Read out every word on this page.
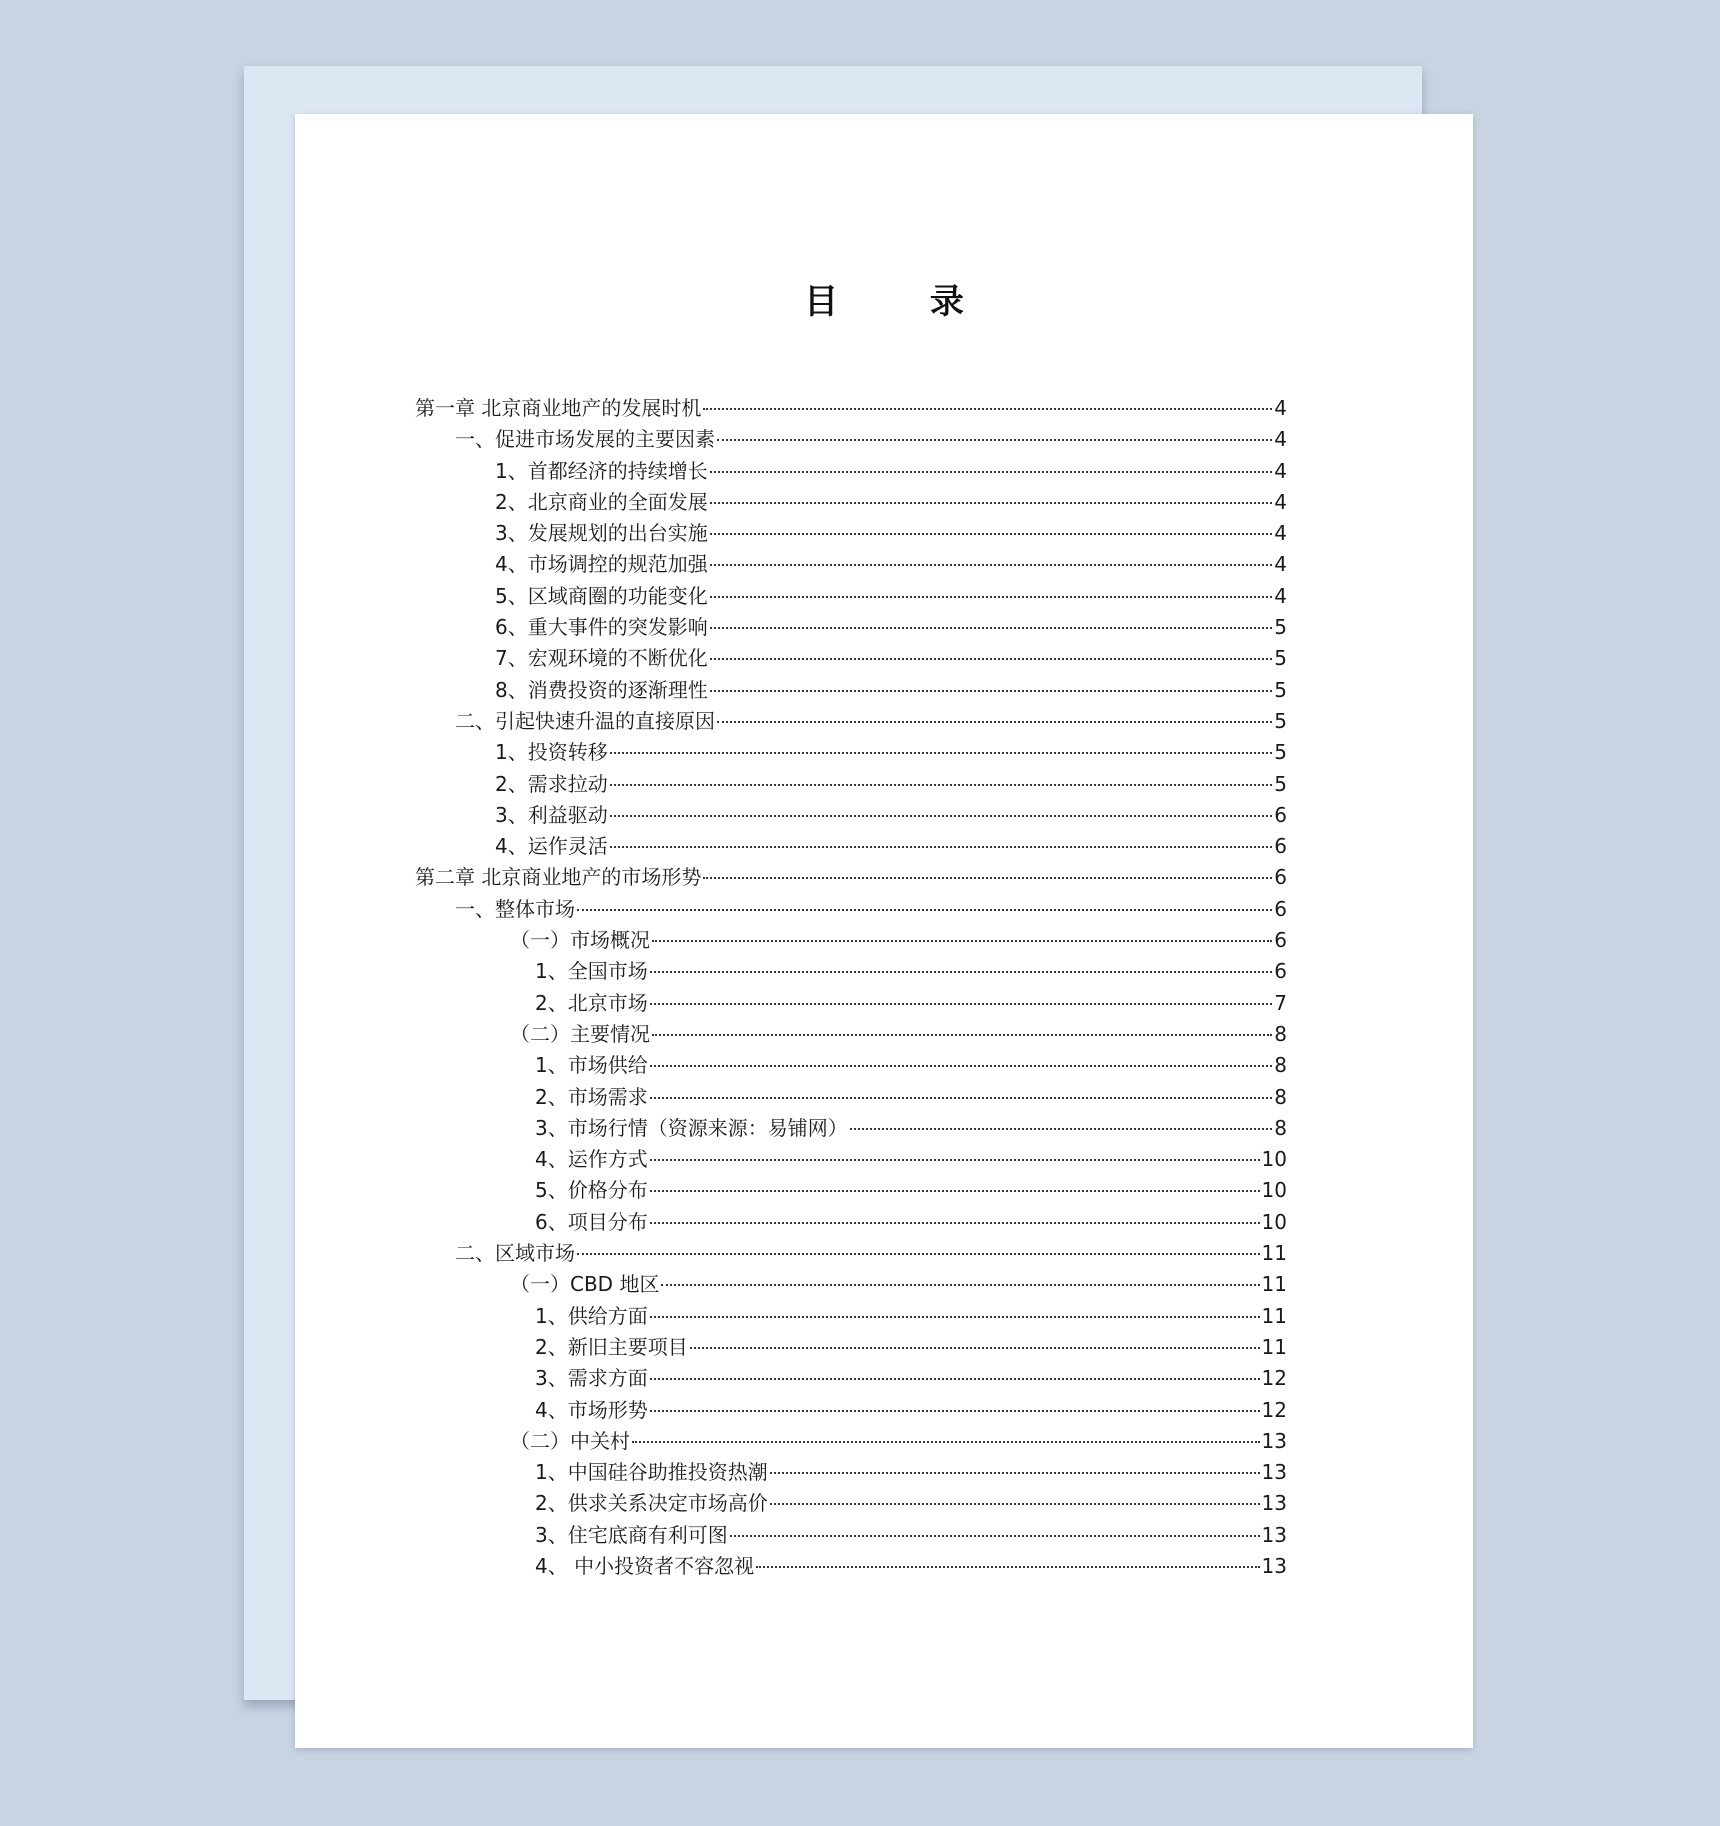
目 录
第一章 北京商业地产的发展时机	4
一、促进市场发展的主要因素	4
1、首都经济的持续增长	4
2、北京商业的全面发展	4
3、发展规划的出台实施	4
4、市场调控的规范加强	4
5、区域商圈的功能变化	4
6、重大事件的突发影响	5
7、宏观环境的不断优化	5
8、消费投资的逐渐理性	5
二、引起快速升温的直接原因	5
1、投资转移	5
2、需求拉动	5
3、利益驱动	6
4、运作灵活	6
第二章 北京商业地产的市场形势	6
一、整体市场	6
（一）市场概况	6
1、全国市场	6
2、北京市场	7
（二）主要情况	8
1、市场供给	8
2、市场需求	8
3、市场行情（资源来源：易铺网）	8
4、运作方式	10
5、价格分布	10
6、项目分布	10
二、区域市场	11
（一）CBD 地区	11
1、供给方面	11
2、新旧主要项目	11
3、需求方面	12
4、市场形势	12
（二）中关村	13
1、中国硅谷助推投资热潮	13
2、供求关系决定市场高价	13
3、住宅底商有利可图	13
4、 中小投资者不容忽视	13
